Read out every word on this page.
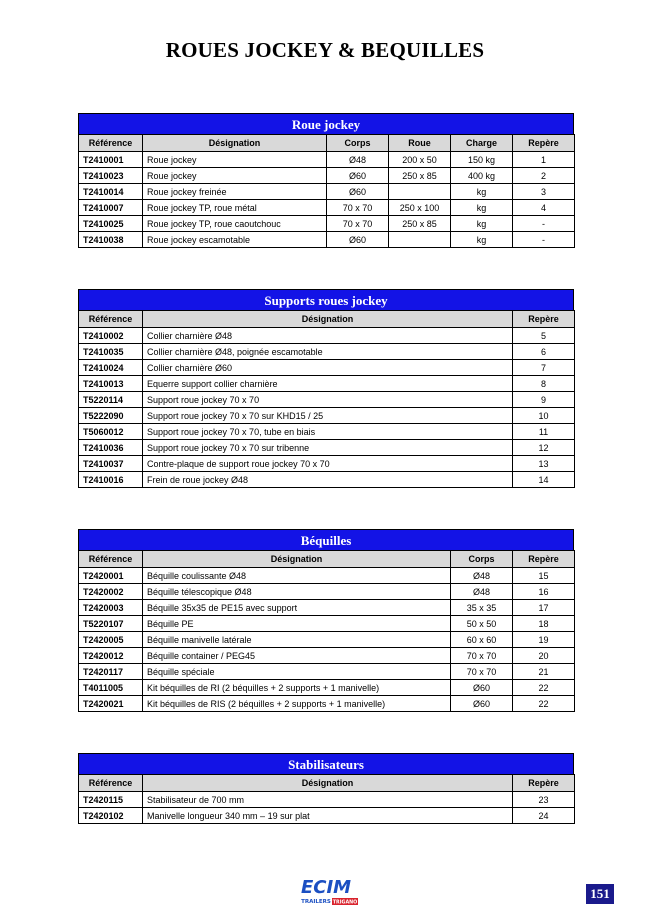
ROUES JOCKEY & BEQUILLES
Roue jockey
Référence	Désignation	Corps	Roue	Charge	Repère
T2410001	Roue jockey	Ø48	200 x 50	150 kg	1
T2410023	Roue jockey	Ø60	250 x 85	400 kg	2
T2410014	Roue jockey freinée	Ø60		kg	3
T2410007	Roue jockey TP, roue métal	70 x 70	250 x 100	kg	4
T2410025	Roue jockey TP, roue caoutchouc	70 x 70	250 x 85	kg	-
T2410038	Roue jockey escamotable	Ø60		kg	-
Supports roues jockey
Référence	Désignation	Repère
T2410002	Collier charnière Ø48	5
T2410035	Collier charnière Ø48, poignée escamotable	6
T2410024	Collier charnière Ø60	7
T2410013	Equerre support collier charnière	8
T5220114	Support roue jockey 70 x 70	9
T5222090	Support roue jockey 70 x 70 sur KHD15 / 25	10
T5060012	Support roue jockey 70 x 70, tube en biais	11
T2410036	Support roue jockey 70 x 70 sur tribenne	12
T2410037	Contre-plaque de support roue jockey 70 x 70	13
T2410016	Frein de roue jockey Ø48	14
Béquilles
Référence	Désignation	Corps	Repère
T2420001	Béquille coulissante Ø48	Ø48	15
T2420002	Béquille télescopique Ø48	Ø48	16
T2420003	Béquille 35x35 de PE15 avec support	35 x 35	17
T5220107	Béquille PE	50 x 50	18
T2420005	Béquille manivelle latérale	60 x 60	19
T2420012	Béquille container / PEG45	70 x 70	20
T2420117	Béquille spéciale	70 x 70	21
T4011005	Kit béquilles de RI (2 béquilles + 2 supports + 1 manivelle)	Ø60	22
T2420021	Kit béquilles de RIS (2 béquilles + 2 supports + 1 manivelle)	Ø60	22
Stabilisateurs
Référence	Désignation	Repère
T2420115	Stabilisateur de 700 mm	23
T2420102	Manivelle longueur 340 mm – 19 sur plat	24
ECIM
TRAILERS TRIGANO
151
